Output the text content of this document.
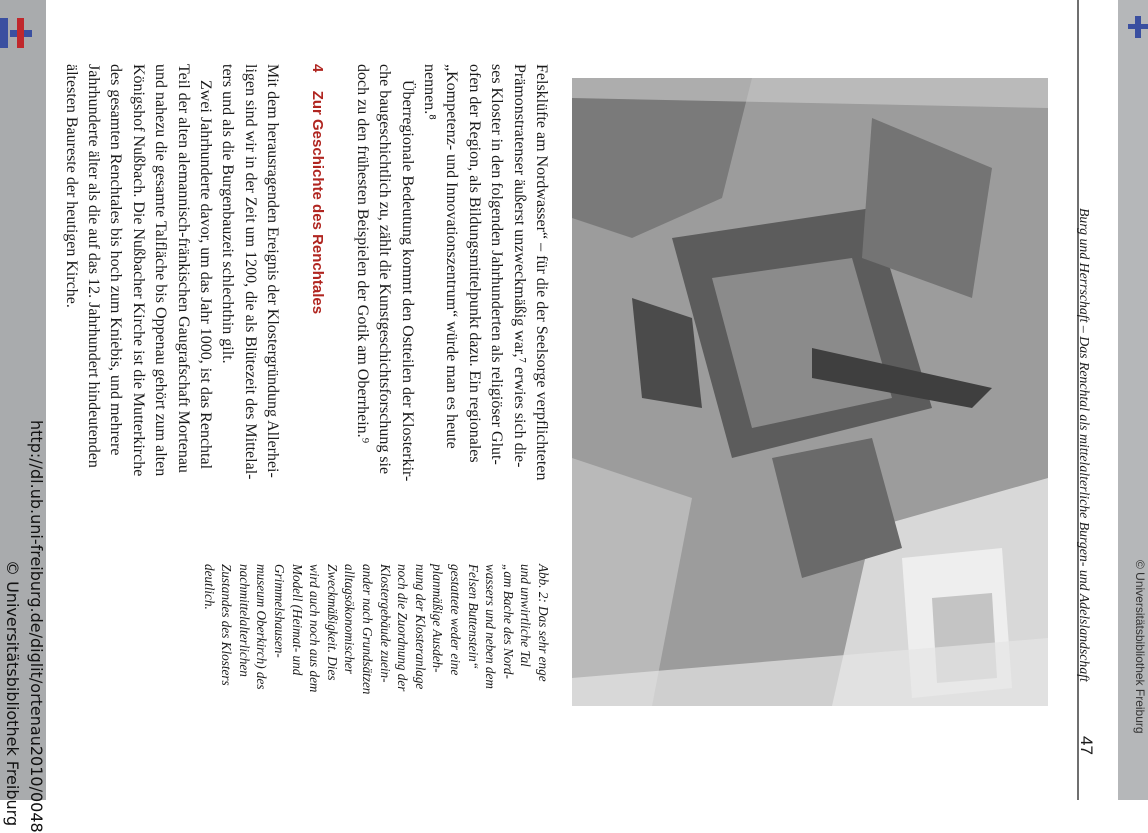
© Universitätsbibliothek Freiburg
Burg und Herrschaft – Das Renchtal als mittelalterliche Burgen- und Adelslandschaft
47
Abb. 2: Das sehr enge
und unwirtliche Tal
„am Bache des Nord-
wassers und neben dem
Felsen Buttenstein“
gestattete weder eine
planmäßige Ausdeh-
nung der Klosteranlage
noch die Zuordnung der
Klostergebäude zuein-
ander nach Grundsätzen
alltagsökonomischer
Zweckmäßigkeit. Dies
wird auch noch aus dem
Modell (Heimat- und
Grimmelshausen-
museum Oberkirch) des
nachmittelalterlichen
Zustandes des Klosters
deutlich.
Felsklüfte am Nordwasser“ – für die der Seelsorge verpflichteten
Prämonstratenser äußerst unzweckmäßig war,⁷ erwies sich die-
ses Kloster in den folgenden Jahrhunderten als religiöser Glut-
ofen der Region, als Bildungsmittelpunkt dazu. Ein regionales
„Kompetenz- und Innovationszentrum“ würde man es heute
nennen.⁸
Überregionale Bedeutung kommt den Ostteilen der Klosterkir-
che baugeschichtlich zu, zählt die Kunstgeschichtsforschung sie
doch zu den frühesten Beispielen der Gotik am Oberrhein.⁹
4  Zur Geschichte des Renchtales
Mit dem herausragenden Ereignis der Klostergründung Allerhei-
ligen sind wir in der Zeit um 1200, die als Blütezeit des Mittelal-
ters und als die Burgenbauzeit schlechthin gilt.
Zwei Jahrhunderte davor, um das Jahr 1000, ist das Renchtal
Teil der alten alemannisch-fränkischen Gaugrafschaft Mortenau
und nahezu die gesamte Talfläche bis Oppenau gehört zum alten
Königshof Nußbach. Die Nußbacher Kirche ist die Mutterkirche
des gesamten Renchtales bis hoch zum Kniebis, und mehrere
Jahrhunderte älter als die auf das 12. Jahrhundert hindeutenden
ältesten Baureste der heutigen Kirche.
http://dl.ub.uni-freiburg.de/diglit/ortenau2010/0048
© Universitätsbibliothek Freiburg
